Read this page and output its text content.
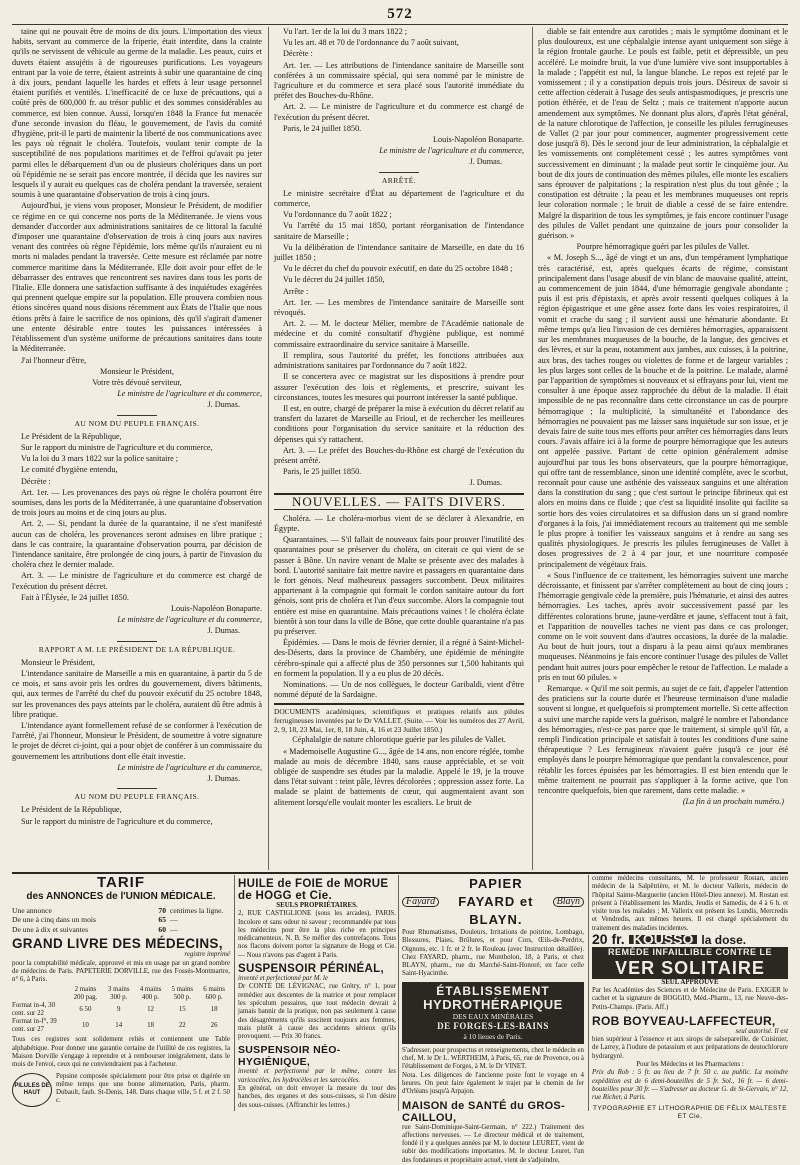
572

taine qui ne pouvait être de moins de dix jours. L'importation des vieux habits, servant au commerce de la friperie, était interdite, dans la crainte qu'ils ne servissent de véhicule au germe de la maladie. Les peaux, cuirs et duvets étaient assujétis à de rigoureuses purifications. Les voyageurs entrant par la voie de terre, étaient astreints à subir une quarantaine de cinq à dix jours, pendant laquelle les hardes et effets à leur usage personnel étaient purifiés et ventilés. L'inefficacité de ce luxe de précautions, qui a coûté près de 600,000 fr. au trésor public et des sommes considérables au commerce, est bien connue. Aussi, lorsqu'en 1848 la France fut menacée d'une seconde invasion du fléau, le gouvernement, de l'avis du comité d'hygiène, prit-il le parti de maintenir la liberté de nos communications avec les pays où régnait le choléra. Toutefois, voulant tenir compte de la susceptibilité de nos populations maritimes et de l'effroi qu'avait pu jeter parmi elles le débarquement d'un ou de plusieurs cholériques dans un port où l'épidémie ne se serait pas encore montrée, il décida que les navires sur lesquels il y aurait eu quelques cas de choléra pendant la traversée, seraient soumis à une quarantaine d'observation de trois à cinq jours.

Aujourd'hui, je viens vous proposer, Monsieur le Président, de modifier ce régime en ce qui concerne nos ports de la Méditerranée. Je viens vous demander d'accorder aux administrations sanitaires de ce littoral la faculté d'imposer une quarantaine d'observation de trois à cinq jours aux navires venant des contrées où règne l'épidémie, lors même qu'ils n'auraient eu ni morts ni malades pendant la traversée. Cette mesure est réclamée par notre commerce maritime dans la Méditerranée. Elle doit avoir pour effet de le débarrasser des entraves que rencontrent ses navires dans tous les ports de l'Italie. Elle donnera une satisfaction suffisante à des inquiétudes exagérées qui prennent quelque empire sur la population. Elle prouvera combien nous étions sincères quand nous disions récemment aux États de l'Italie que nous étions prêts à faire le sacrifice de nos opinions, dès qu'il s'agirait d'amener une entente désirable entre toutes les puissances intéressées à l'établissement d'un système uniforme de précautions sanitaires dans toute la Méditerranée.

J'ai l'honneur d'être,

Monsieur le Président,

Votre très dévoué serviteur,

Le ministre de l'agriculture et du commerce,

J. Dumas.

AU NOM DU PEUPLE FRANÇAIS.

Le Président de la République,

Sur le rapport du ministre de l'agriculture et du commerce,

Vu la loi du 3 mars 1822 sur la police sanitaire ;

Le comité d'hygiène entendu,

Décrète :

Art. 1er. — Les provenances des pays où règne le choléra pourront être soumises, dans les ports de la Méditerranée, à une quarantaine d'observation de trois jours au moins et de cinq jours au plus.

Art. 2. — Si, pendant la durée de la quarantaine, il ne s'est manifesté aucun cas de choléra, les provenances seront admises en libre pratique ; dans le cas contraire, la quarantaine d'observation pourra, par décision de l'intendance sanitaire, être prolongée de cinq jours, à partir de l'invasion du choléra chez le dernier malade.

Art. 3. — Le ministre de l'agriculture et du commerce est chargé de l'exécution du présent décret.

Fait à l'Élysée, le 24 juillet 1850.

Louis-Napoléon Bonaparte.

Le ministre de l'agriculture et du commerce,

J. Dumas.

RAPPORT A M. LE PRÉSIDENT DE LA RÉPUBLIQUE.

Monsieur le Président,

L'intendance sanitaire de Marseille a mis en quarantaine, à partir du 5 de ce mois, et sans avoir pris les ordres du gouvernement, divers bâtiments, qui, aux termes de l'arrêté du chef du pouvoir exécutif du 25 octobre 1848, sur les provenances des pays atteints par le choléra, auraient dû être admis à libre pratique.

L'intendance ayant formellement refusé de se conformer à l'exécution de l'arrêté, j'ai l'honneur, Monsieur le Président, de soumettre à votre signature le projet de décret ci-joint, qui a pour objet de conférer à un commissaire du gouvernement les attributions dont elle était investie.

Le ministre de l'agriculture et du commerce,

J. Dumas.

AU NOM DU PEUPLE FRANÇAIS.

Le Président de la République,

Sur le rapport du ministre de l'agriculture et du commerce,

Vu l'art. 1er de la loi du 3 mars 1822 ;

Vu les art. 48 et 70 de l'ordonnance du 7 août suivant,

Décrète :

Art. 1er. — Les attributions de l'intendance sanitaire de Marseille sont conférées à un commissaire spécial, qui sera nommé par le ministre de l'agriculture et du commerce et sera placé sous l'autorité immédiate du préfet des Bouches-du-Rhône.

Art. 2. — Le ministre de l'agriculture et du commerce est chargé de l'exécution du présent décret.

Paris, le 24 juillet 1850.

Louis-Napoléon Bonaparte.

Le ministre de l'agriculture et du commerce,

J. Dumas.

ARRÊTÉ.

Le ministre secrétaire d'État au département de l'agriculture et du commerce,

Vu l'ordonnance du 7 août 1822 ;

Vu l'arrêté du 15 mai 1850, portant réorganisation de l'intendance sanitaire de Marseille ;

Vu la délibération de l'intendance sanitaire de Marseille, en date du 16 juillet 1850 ;

Vu le décret du chef du pouvoir exécutif, en date du 25 octobre 1848 ;

Vu le décret du 24 juillet 1850,

Arrête :

Art. 1er. — Les membres de l'intendance sanitaire de Marseille sont révoqués.

Art. 2. — M. le docteur Mélier, membre de l'Académie nationale de médecine et du comité consultatif d'hygiène publique, est nommé commissaire extraordinaire du service sanitaire à Marseille.

Il remplira, sous l'autorité du préfet, les fonctions attribuées aux administrations sanitaires par l'ordonnance du 7 août 1822.

Il se concertera avec ce magistrat sur les dispositions à prendre pour assurer l'exécution des lois et règlements, et prescrire, suivant les circonstances, toutes les mesures qui pourront intéresser la santé publique.

Il est, en outre, chargé de préparer la mise à exécution du décret relatif au transfert du lazaret de Marseille au Frioul, et de rechercher les meilleures conditions pour l'organisation du service sanitaire et la réduction des dépenses qui s'y rattachent.

Art. 3. — Le préfet des Bouches-du-Rhône est chargé de l'exécution du présent arrêté.

Paris, le 25 juillet 1850.

J. Dumas.

NOUVELLES. — FAITS DIVERS.

Choléra. — Le choléra-morbus vient de se déclarer à Alexandrie, en Égypte.

Quarantaines. — S'il fallait de nouveaux faits pour prouver l'inutilité des quarantaines pour se préserver du choléra, on citerait ce qui vient de se passer à Bône. Un navire venant de Malte se présente avec des malades à bord. L'autorité sanitaire fait mettre navire et passagers en quarantaine dans le fort génois. Neuf malheureux passagers succombent. Deux militaires appartenant à la compagnie qui formait le cordon sanitaire autour du fort génois, sont pris de choléra et l'un d'eux succombe. Alors la compagnie tout entière est mise en quarantaine. Mais précautions vaines ! le choléra éclate bientôt à son tour dans la ville de Bône, que cette double quarantaine n'a pas pu préserver.

Épidémies. — Dans le mois de février dernier, il a régné à Saint-Michel-des-Déserts, dans la province de Chambéry, une épidémie de méningite cérébro-spinale qui a affecté plus de 350 personnes sur 1,500 habitants qui en forment la population. Il y a eu plus de 20 décès.

Nominations. — Un de nos collègues, le docteur Garibaldi, vient d'être nommé député de la Sardaigne.

DOCUMENTS académiques, scientifiques et pratiques relatifs aux pilules ferrugineuses inventées par le Dr VALLET. (Suite. — Voir les numéros des 27 Avril, 2, 9, 18, 23 Mai, 1er, 8, 18 Juin, 4, 16 et 23 Juillet 1850.)

Céphalalgie de nature chlorotique guérie par les pilules de Vallet.

« Mademoiselle Augustine G..., âgée de 14 ans, non encore réglée, tombe malade au mois de décembre 1840, sans cause appréciable, et se voit obligée de suspendre ses études par la maladie. Appelé le 19, je la trouve dans l'état suivant : teint pâle, lèvres décolorées ; oppression assez forte. La malade se plaint de battements de cœur, qui augmentaient avant son alitement lorsqu'elle voulait monter les escaliers. Le bruit de

diable se fait entendre aux carotides ; mais le symptôme dominant et le plus douloureux, est une céphalalgie intense ayant uniquement son siège à la région frontale gauche. Le pouls est faible, petit et dépressible, un peu accéléré. Le moindre bruit, la vue d'une lumière vive sont insupportables à la malade ; l'appétit est nul, la langue blanche. Le repos est rejeté par le vomissement ; il y a constipation depuis trois jours. Désireux de savoir si cette affection cèderait à l'usage des seuls antispasmodiques, je prescris une potion éthérée, et de l'eau de Seltz ; mais ce traitement n'apporte aucun amendement aux symptômes. Ne donnant plus alors, d'après l'état général, de la nature chlorotique de l'affection, je conseille les pilules ferrugineuses de Vallet (2 par jour pour commencer, augmenter progressivement cette dose jusqu'à 8). Dès le second jour de leur administration, la céphalalgie et les vomissements ont complètement cessé ; les autres symptômes vont successivement en diminuant ; la malade peut sortir le cinquième jour. Au bout de dix jours de continuation des mêmes pilules, elle monte les escaliers sans éprouver de palpitations ; la respiration n'est plus du tout gênée ; la constipation est détruite ; la peau et les membranes muqueuses ont repris leur coloration normale ; le bruit de diable a cessé de se faire entendre. Malgré la disparition de tous les symptômes, je fais encore continuer l'usage des pilules de Vallet pendant une quinzaine de jours pour consolider la guérison. »

Pourpre hémorragique guéri par les pilules de Vallet.

« M. Joseph S..., âgé de vingt et un ans, d'un tempérament lymphatique très caractérisé, est, après quelques écarts de régime, consistant principalement dans l'usage abusif de vin blanc de mauvaise qualité, atteint, au commencement de juin 1844, d'une hémorragie gengivale abondante ; puis il est pris d'épistaxis, et après avoir ressenti quelques coliques à la région épigastrique et une gêne assez forte dans les voies respiratoires, il vomit et crache du sang ; il survient aussi une hématurie abondante. Et même temps qu'a lieu l'invasion de ces dernières hémorragies, apparaissent sur les membranes muqueuses de la bouche, de la langue, des gencives et des lèvres, et sur la peau, notamment aux jambes, aux cuisses, à la poitrine, aux bras, des taches rouges ou violettes de forme et de largeur variables ; les plus larges sont celles de la bouche et de la poitrine. Le malade, alarmé par l'apparition de symptômes si nouveaux et si effrayans pour lui, vient me consulter à une époque assez rapprochée du début de la maladie. Il était impossible de ne pas reconnaître dans cette circonstance un cas de pourpre hémorragique ; la multiplicité, la simultanéité et l'abondance des hémorragies ne pouvaient pas me laisser sans inquiétude sur son issue, et je devais faire de suite tous mes efforts pour arrêter ces hémorragies dans leurs cours. J'avais affaire ici à la forme de pourpre hémorragique que les auteurs ont appelée passive. Partant de cette opinion généralement admise aujourd'hui par tous les bons observateurs, que la pourpre hémorragique, qui offre tant de ressemblance, sinon une identité complète, avec le scorbut, reconnaît pour cause une asthénie des vaisseaux sanguins et une altération dans la constitution du sang ; que c'est surtout le principe fibrineux qui est alors en moins dans ce fluide ; que c'est sa liquidité insolite qui facilite sa sortie hors des voies circulatoires et sa diffusion dans un si grand nombre d'organes à la fois, j'ai immédiatement recours au traitement qui me semble le plus propre à tonifier les vaisseaux sanguins et à rendre au sang ses qualités physiologiques. Je prescris les pilules ferrugineuses de Vallet à doses progressives de 2 à 4 par jour, et une nourriture composée principalement de végétaux frais.

« Sous l'influence de ce traitement, les hémorragies suivent une marche décroissante, et finissent par s'arrêter complètement au bout de cinq jours ; l'hémorragie gengivale cède la première, puis l'hématurie, et ainsi des autres hémorragies. Les taches, après avoir successivement passé par les différentes colorations brune, jaune-verdâtre et jaune, s'effacent tout à fait, et l'apparition de nouvelles taches ne vient pas dans ce cas prolonger, comme on le voit souvent dans d'autres occasions, la durée de la maladie. Au bout de huit jours, tout a disparu à la peau ainsi qu'aux membranes muqueuses. Néanmoins je fais encore continuer l'usage des pilules de Vallet pendant huit autres jours pour empêcher le retour de l'affection. Le malade a pris en tout 60 pilules. »

Remarque. « Qu'il me soit permis, au sujet de ce fait, d'appeler l'attention des praticiens sur la courte durée et l'heureuse terminaison d'une maladie souvent si longue, et quelquefois si promptement mortelle. Si cette affection a suivi une marche rapide vers la guérison, malgré le nombre et l'abondance des hémorragies, n'est-ce pas parce que le traitement, si simple qu'il fût, a rempli l'indication principale et satisfait à toutes les conditions d'une saine thérapeutique ? Les ferrugineux n'avaient guère jusqu'à ce jour été employés dans le pourpre hémorragique que pendant la convalescence, pour rétablir les forces épuisées par les hémorragies. Il est bien entendu que le même traitement ne pourrait pas s'appliquer à la forme active, que l'on rencontre quelquefois, bien que rarement, dans cette maladie. »

(La fin à un prochain numéro.)

TARIF
des ANNONCES de l'UNION MÉDICALE.
Une annonce	70 centimes la ligne.
De une à cinq dans un mois	65 —
De une à dix et suivantes	60 —
GRAND LIVRE DES MÉDECINS,
registre imprimé
pour la comptabilité médicale, approuvé et mis en usage par un grand nombre de médecins de Paris. PAPETERIE DORVILLE, rue des Fossés-Montmartre, n° 6, à Paris.
	2 mains	3 mains	4 mains	5 mains	6 mains
	200 pag.	300 p.	400 p.	500 p.	600 p.
Format in-4, 30 cent. sur 22	6 50	9	12	15	18
Format in-f°, 39 cent. sur 27	10	14	18	22	26
Tous ces registres sont solidement reliés et contiennent une Table alphabétique. Pour donner une garantie certaine de l'utilité de ces registres, la Maison Dorville s'engage à reprendre et à rembourser intégralement, dans le mois de l'envoi, ceux qui ne conviendraient pas à l'acheteur.
PILULES DE HAUT
Pepsine composée spécialement pour être prise et digérée en même temps que une bonne alimentation, Paris, pharm. Dubault, faub. St-Denis, 148. Dans chaque ville, 5 f. et 2 f. 50 c.
HUILE de FOIE de MORUE de HOGG et Cie.
SEULS PROPRIÉTAIRES.
2, RUE CASTIGLIONE (sous les arcades), PARIS. Incolore et sans odeur ni saveur ; recommandée par tous les médecins pour être la plus riche en principes médicamenteux. N. B. Se méfier des contrefaçons. Tous nos flacons doivent porter la signature de Hogg et Cie. — Nous n'avons pas d'agent à Paris.
SUSPENSOIR PÉRINÉAL,
inventé et perfectionné par M. le
Dr CONTÉ DE LÉVIGNAC, rue Grétry, n° 1, pour remédier aux descentes de la matrice et pour remplacer les spéculum pessaires, que tout médecin devrait à jamais bannir de la pratique, non pas seulement à cause des désagréments qu'ils suscitent toujours aux femmes, mais plutôt à cause des accidents sérieux qu'ils provoquent. — Prix 30 francs.
SUSPENSOIR NÉO-HYGIÉNIQUE,
inventé et perfectionné par le même, contre les varicocèles, les hydrocèles et les sarcocèles.
En général, on doit envoyer la mesure du tour des hanches, des organes et des sous-cuisses, si l'on désire des sous-cuisses. (Affranchir les lettres.)
Fayard
PAPIER FAYARD et BLAYN.
Blayn
Pour Rhumatismes, Douleurs, Irritations de poitrine, Lombago, Blessures, Plaies, Brûlures, et pour Cors, Œils-de-Perdrix, Oignons, etc. 1 fr. et 2 fr. le Rouleau (avec Instruction détaillée). Chez FAYARD, pharm., rue Montholon, 18, à Paris, et chez BLAYN, pharm., rue du Marché-Saint-Honoré, en face celle Saint-Hyacinthe.
ÉTABLISSEMENT
HYDROTHÉRAPIQUE
DES EAUX MINÉRALES
DE FORGES-LES-BAINS
à 10 lieues de Paris.
S'adresser, pour prospectus et renseignements, chez le médecin en chef, M. le Dr L. WERTHEIM, à Paris, 65, rue de Provence, ou à l'établissement de Forges, à M. le Dr VINET.
Nota. Les diligences de l'ancienne poste font le voyage en 4 heures. On peut faire également le trajet par le chemin de fer d'Orléans jusqu'à Arpajon.
MAISON de SANTÉ du GROS-CAILLOU,
rue Saint-Dominique-Saint-Germain, n° 222.) Traitement des affections nerveuses. — Le directeur médical et de traitement, fondé il y a quelques années par M. le docteur LEURET, vient de subir des modifications importantes. M. le docteur Leuret, l'un des fondateurs et propriétaire actuel, vient de s'adjoindre,
comme médecins consultants, M. le professeur Rostan, ancien médecin de la Salpêtrière, et M. le docteur Vallerix, médecin de l'hôpital Sainte-Marguerite (ancien Hôtel-Dieu annexe). M. Rostan est présent à l'établissement les Mardis, Jeudis et Samedis, de 4 à 6 h. et visite tous les malades ; M. Vallerix est présent les Lundis, Mercredis et Vendredis, aux mêmes heures. Il est chargé spécialement du traitement des maladies incidentes.
20 fr. KOUSSO la dose.
REMÈDE INFAILLIBLE CONTRE LE
VER SOLITAIRE
SEUL APPROUVÉ
Par les Académies des Sciences et de Médecine de Paris. EXIGER le cachet et la signature de BOGGIO, Méd.-Pharm., 13, rue Neuve-des-Petits-Champs. (Paris. Aff.)
ROB BOYVEAU-LAFFECTEUR,
seul autorisé. Il est
bien supérieur à l'essence et aux sirops de salsepareille, de Cuisinier, de Larrey, à l'iodure de potassium et aux préparations de deutochlorure hydrargyré.
Pour les Médecins et les Pharmaciens :
Prix du Rob : 5 fr. au lieu de 7 fr. 50 c. au public. La moindre expédition est de 6 demi-bouteilles de 5 fr. Sol., 16 fr. — 6 demi-bouteilles pour 30 fr. — S'adresser au docteur G. de St-Gervais, n° 12, rue Richer, à Paris.
TYPOGRAPHIE ET LITHOGRAPHIE DE FÉLIX MALTESTE ET Cie,
